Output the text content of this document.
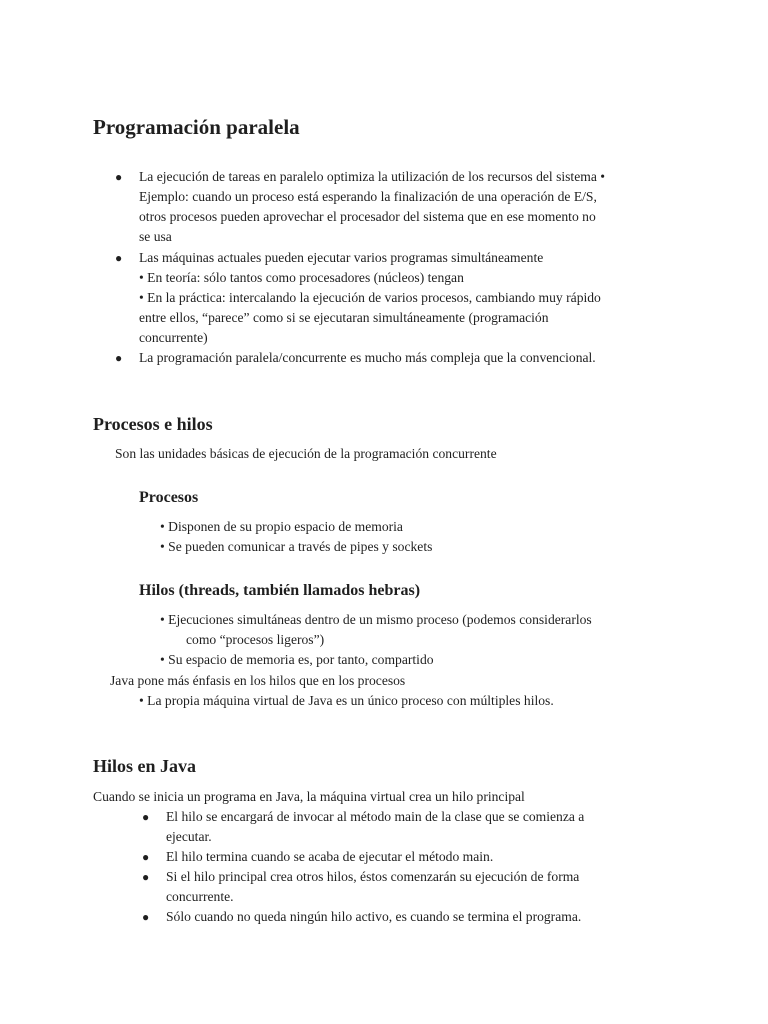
Programación paralela
● La ejecución de tareas en paralelo optimiza la utilización de los recursos del sistema •
Ejemplo: cuando un proceso está esperando la finalización de una operación de E/S,
otros procesos pueden aprovechar el procesador del sistema que en ese momento no
se usa
● Las máquinas actuales pueden ejecutar varios programas simultáneamente
• En teoría: sólo tantos como procesadores (núcleos) tengan
• En la práctica: intercalando la ejecución de varios procesos, cambiando muy rápido
entre ellos, “parece” como si se ejecutaran simultáneamente (programación
concurrente)
● La programación paralela/concurrente es mucho más compleja que la convencional.
Procesos e hilos
Son las unidades básicas de ejecución de la programación concurrente
Procesos
• Disponen de su propio espacio de memoria
• Se pueden comunicar a través de pipes y sockets
Hilos (threads, también llamados hebras)
• Ejecuciones simultáneas dentro de un mismo proceso (podemos considerarlos
como “procesos ligeros”)
• Su espacio de memoria es, por tanto, compartido
Java pone más énfasis en los hilos que en los procesos
• La propia máquina virtual de Java es un único proceso con múltiples hilos.
Hilos en Java
Cuando se inicia un programa en Java, la máquina virtual crea un hilo principal
● El hilo se encargará de invocar al método main de la clase que se comienza a
ejecutar.
● El hilo termina cuando se acaba de ejecutar el método main.
● Si el hilo principal crea otros hilos, éstos comenzarán su ejecución de forma
concurrente.
● Sólo cuando no queda ningún hilo activo, es cuando se termina el programa.
